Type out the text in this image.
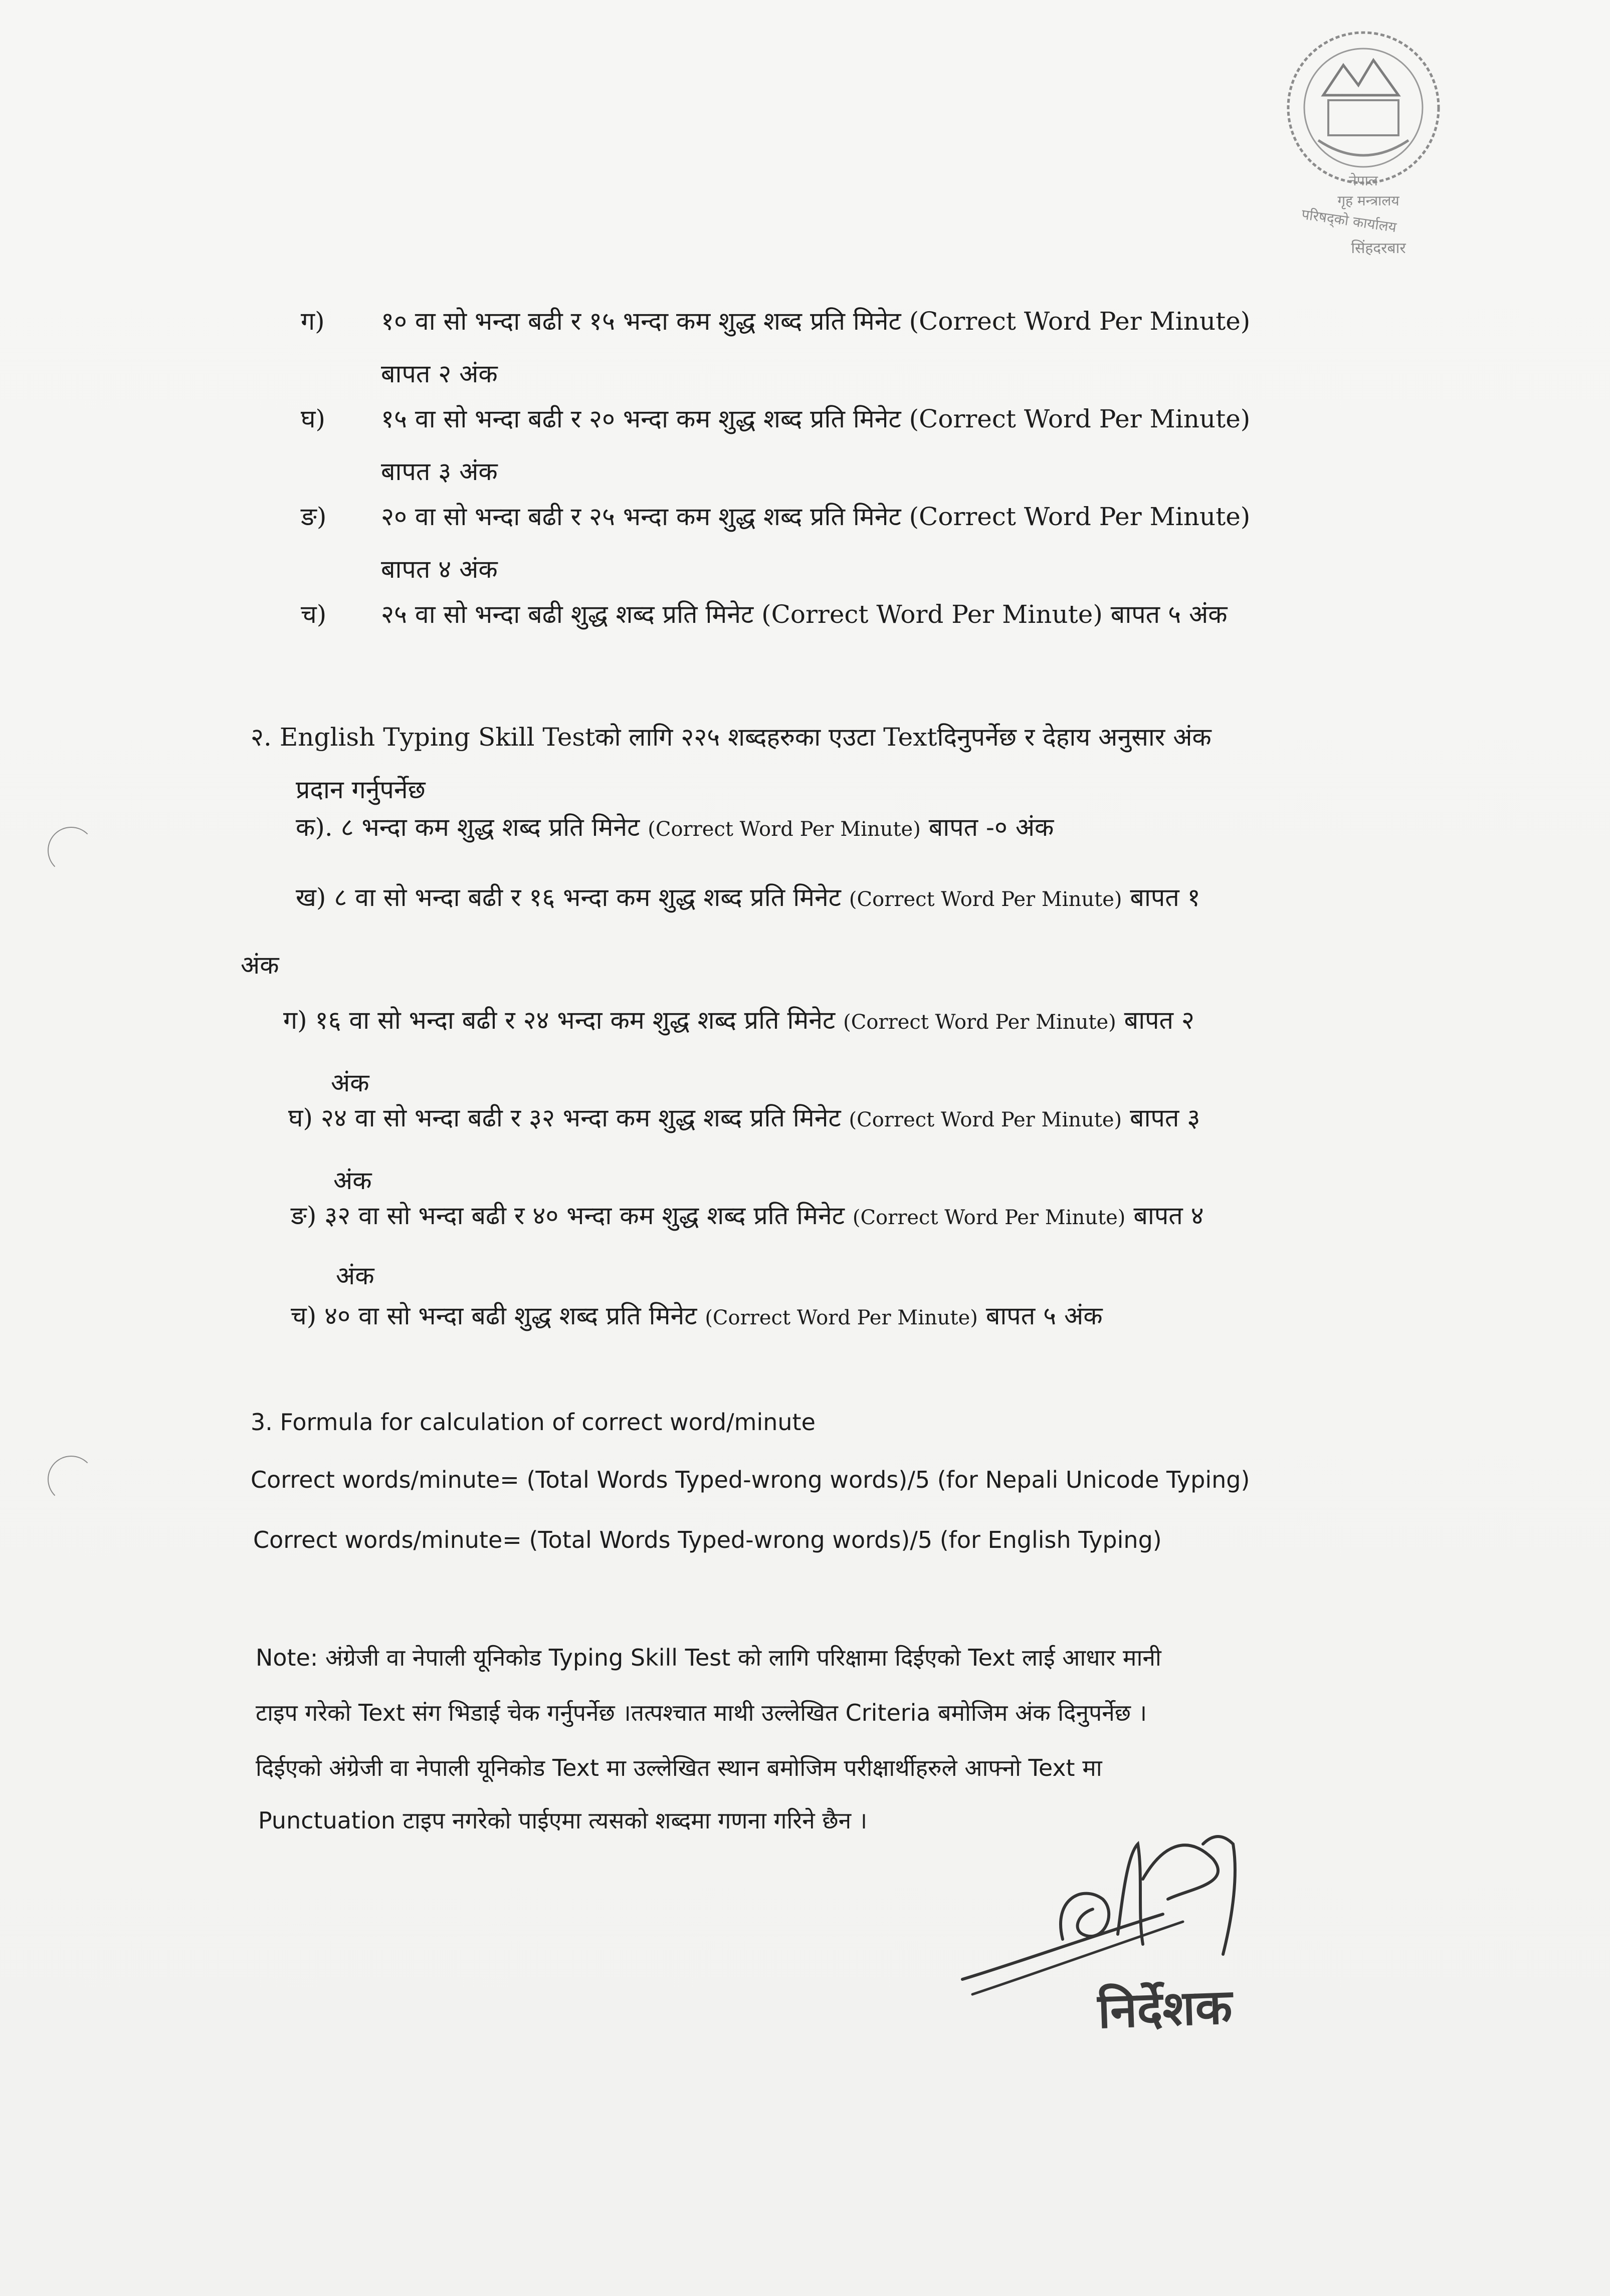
नेपाल
गृह मन्त्रालय
परिषद्को कार्यालय
सिंहदरबार
ग) १० वा सो भन्दा बढी र १५ भन्दा कम शुद्ध शब्द प्रति मिनेट (Correct Word Per Minute)
बापत २ अंक
घ) १५ वा सो भन्दा बढी र २० भन्दा कम शुद्ध शब्द प्रति मिनेट (Correct Word Per Minute)
बापत ३ अंक
ङ) २० वा सो भन्दा बढी र २५ भन्दा कम शुद्ध शब्द प्रति मिनेट (Correct Word Per Minute)
बापत ४ अंक
च) २५ वा सो भन्दा बढी शुद्ध शब्द प्रति मिनेट (Correct Word Per Minute) बापत ५ अंक
२. English Typing Skill Testको लागि २२५ शब्दहरुका एउटा Textदिनुपर्नेछ र देहाय अनुसार अंक
प्रदान गर्नुपर्नेछ
क). ८ भन्दा कम शुद्ध शब्द प्रति मिनेट (Correct Word Per Minute) बापत -० अंक
ख) ८ वा सो भन्दा बढी र १६ भन्दा कम शुद्ध शब्द प्रति मिनेट (Correct Word Per Minute) बापत १
अंक
ग) १६ वा सो भन्दा बढी र २४ भन्दा कम शुद्ध शब्द प्रति मिनेट (Correct Word Per Minute) बापत २
अंक
घ) २४ वा सो भन्दा बढी र ३२ भन्दा कम शुद्ध शब्द प्रति मिनेट (Correct Word Per Minute) बापत ३
अंक
ङ) ३२ वा सो भन्दा बढी र ४० भन्दा कम शुद्ध शब्द प्रति मिनेट (Correct Word Per Minute) बापत ४
अंक
च) ४० वा सो भन्दा बढी शुद्ध शब्द प्रति मिनेट (Correct Word Per Minute) बापत ५ अंक
3. Formula for calculation of correct word/minute
Correct words/minute= (Total Words Typed-wrong words)/5 (for Nepali Unicode Typing)
Correct words/minute= (Total Words Typed-wrong words)/5 (for English Typing)
Note: अंग्रेजी वा नेपाली यूनिकोड Typing Skill Test को लागि परिक्षामा दिईएको Text लाई आधार मानी
टाइप गरेको Text संग भिडाई चेक गर्नुपर्नेछ ।तत्पश्चात माथी उल्लेखित Criteria बमोजिम अंक दिनुपर्नेछ ।
दिईएको अंग्रेजी वा नेपाली यूनिकोड Text मा उल्लेखित स्थान बमोजिम परीक्षार्थीहरुले आफ्नो Text मा
Punctuation टाइप नगरेको पाईएमा त्यसको शब्दमा गणना गरिने छैन ।
निर्देशक
